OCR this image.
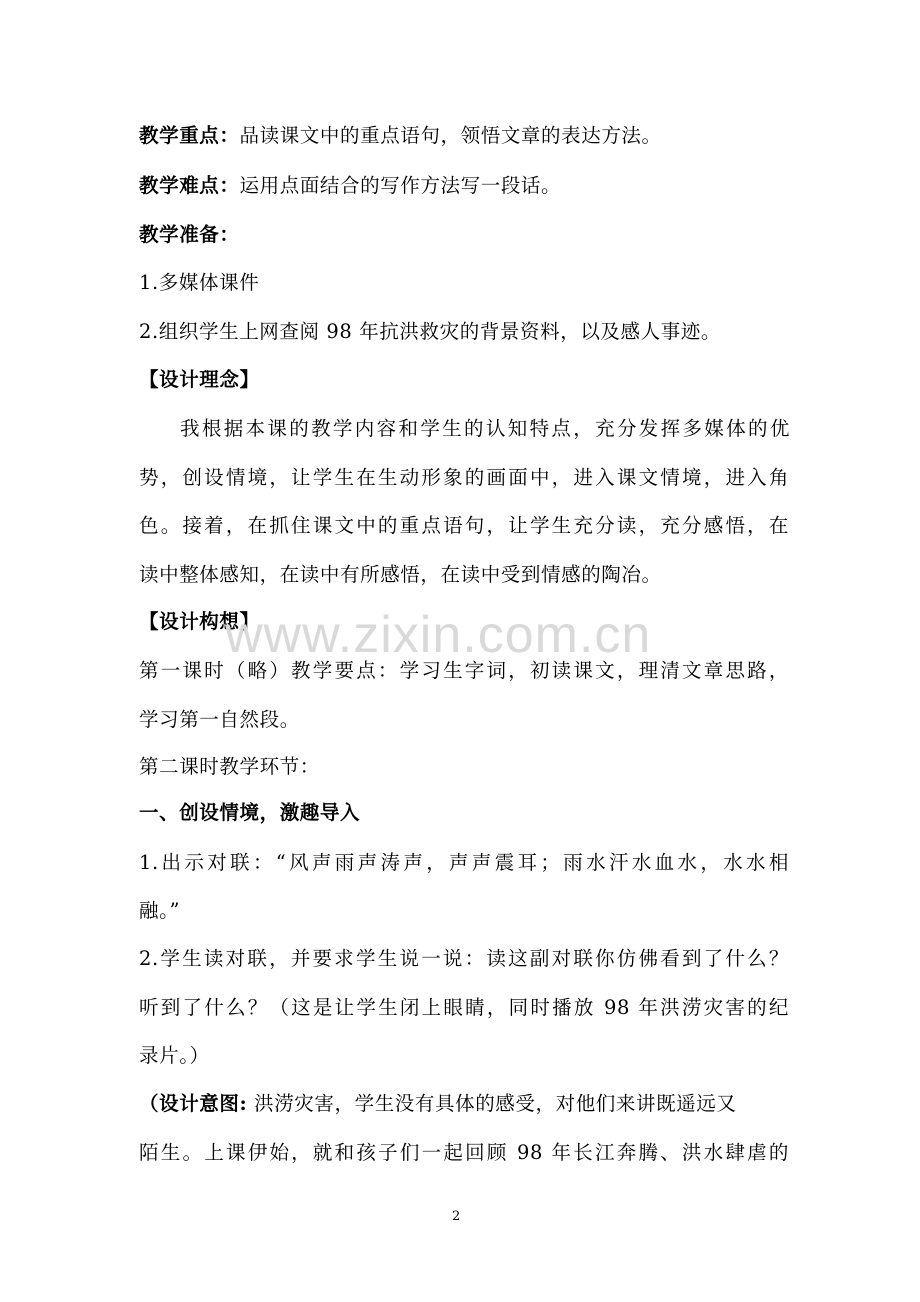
教学重点：品读课文中的重点语句，领悟文章的表达方法。
教学难点：运用点面结合的写作方法写一段话。
教学准备：
1.多媒体课件
2.组织学生上网查阅 98 年抗洪救灾的背景资料，以及感人事迹。
【设计理念】
我根据本课的教学内容和学生的认知特点，充分发挥多媒体的优
势，创设情境，让学生在生动形象的画面中，进入课文情境，进入角
色。接着，在抓住课文中的重点语句，让学生充分读，充分感悟，在
读中整体感知，在读中有所感悟，在读中受到情感的陶冶。
【设计构想】
第一课时（略）教学要点：学习生字词，初读课文，理清文章思路，
学习第一自然段。
第二课时教学环节：
一、创设情境，激趣导入
1.出示对联：“风声雨声涛声，声声震耳；雨水汗水血水，水水相
融。”
2.学生读对联，并要求学生说一说：读这副对联你仿佛看到了什么？
听到了什么？（这是让学生闭上眼睛，同时播放 98 年洪涝灾害的纪
录片。）
（设计意图: 洪涝灾害，学生没有具体的感受，对他们来讲既遥远又
陌生。上课伊始，就和孩子们一起回顾 98 年长江奔腾、洪水肆虐的
www.zixin.com.cn
2
